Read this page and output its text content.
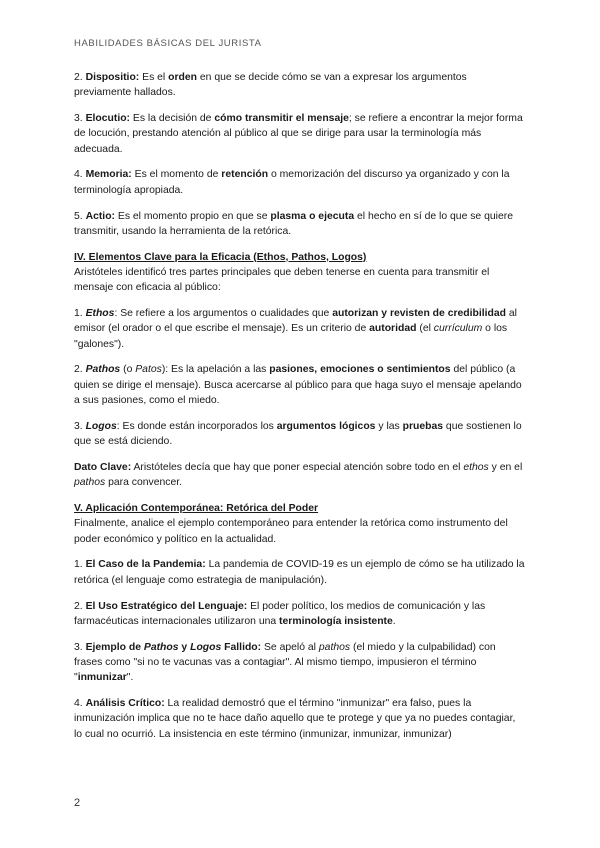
HABILIDADES BÁSICAS DEL JURISTA

2. Dispositio: Es el orden en que se decide cómo se van a expresar los argumentos previamente hallados.

3. Elocutio: Es la decisión de cómo transmitir el mensaje; se refiere a encontrar la mejor forma de locución, prestando atención al público al que se dirige para usar la terminología más adecuada.

4. Memoria: Es el momento de retención o memorización del discurso ya organizado y con la terminología apropiada.

5. Actio: Es el momento propio en que se plasma o ejecuta el hecho en sí de lo que se quiere transmitir, usando la herramienta de la retórica.

IV. Elementos Clave para la Eficacia (Ethos, Pathos, Logos)

Aristóteles identificó tres partes principales que deben tenerse en cuenta para transmitir el mensaje con eficacia al público:

1. Ethos: Se refiere a los argumentos o cualidades que autorizan y revisten de credibilidad al emisor (el orador o el que escribe el mensaje). Es un criterio de autoridad (el currículum o los "galones").

2. Pathos (o Patos): Es la apelación a las pasiones, emociones o sentimientos del público (a quien se dirige el mensaje). Busca acercarse al público para que haga suyo el mensaje apelando a sus pasiones, como el miedo.

3. Logos: Es donde están incorporados los argumentos lógicos y las pruebas que sostienen lo que se está diciendo.

Dato Clave: Aristóteles decía que hay que poner especial atención sobre todo en el ethos y en el pathos para convencer.

V. Aplicación Contemporánea: Retórica del Poder

Finalmente, analice el ejemplo contemporáneo para entender la retórica como instrumento del poder económico y político en la actualidad.

1. El Caso de la Pandemia: La pandemia de COVID-19 es un ejemplo de cómo se ha utilizado la retórica (el lenguaje como estrategia de manipulación).

2. El Uso Estratégico del Lenguaje: El poder político, los medios de comunicación y las farmacéuticas internacionales utilizaron una terminología insistente.

3. Ejemplo de Pathos y Logos Fallido: Se apeló al pathos (el miedo y la culpabilidad) con frases como "si no te vacunas vas a contagiar". Al mismo tiempo, impusieron el término "inmunizar".

4. Análisis Crítico: La realidad demostró que el término "inmunizar" era falso, pues la inmunización implica que no te hace daño aquello que te protege y que ya no puedes contagiar, lo cual no ocurrió. La insistencia en este término (inmunizar, inmunizar, inmunizar)

2
